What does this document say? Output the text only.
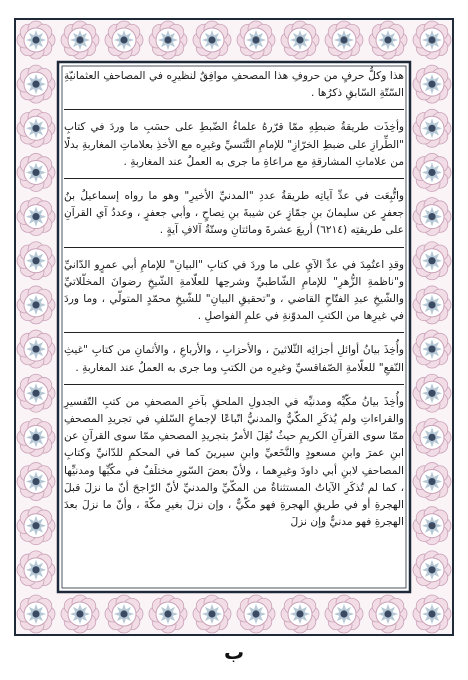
هذا وكلُّ حرفٍ من حروفِ هذا المصحفِ موافِقٌ لنظيرِه في المصاحفِ العثمانيّةِ السّتّةِ السّابقِ ذكرُها .

وأخِذَت طريقةُ ضبطِهِ ممّا قرّرهُ علماءُ الضّبطِ على حسَبِ ما وردَ في كتابِ "الطِّرازِ على ضبطِ الخرّازِ" للإمامِ التَّنَسيِّ وغيرِه مع الأخذِ بعلاماتِ المغاربةِ بدلًا من علاماتِ المشارقةِ مع مراعاةِ ما جرى به العملُ عند المغاربةِ .

واتُّبِعَت في عدِّ آياتِه طريقةُ عددِ "المدنيِّ الأخيرِ" وهو ما رواه إسماعيلُ بنُ جعفرٍ عن سليمانَ بنِ جمّازٍ عن شيبةَ بنِ نِصاحٍ ، وأبي جعفرٍ ، وعددُ آي القرآنِ على طريقتِه (٦٢١٤) أربعَ عشرةَ ومائتانِ وستّةُ آلافِ آيةٍ .

وقدِ اعتُمِدَ في عدِّ الآيِ على ما وردَ في كتابِ "البيانِ" للإمامِ أبي عمرٍو الدّانيِّ و"ناظمةِ الزُّهرِ" للإمامِ الشّاطبيِّ وشرحِها للعلّامةِ الشّيخِ رضوانَ المخلّلاتيِّ والشّيخِ عبدِ الفتّاحِ القاضي ، و"تحقيقِ البيانِ" للشّيخِ محمّدٍ المتولّي ، وما وردَ في غيرِها من الكتبِ المدوّنةِ في علمِ الفواصلِ .

وأُخِذَ بيانُ أوائلِ أجزائِه الثّلاثينَ ، والأحزابِ ، والأرباعِ ، والأثمانِ من كتابِ "غيثِ النّفعِ" للعلّامةِ الصّفاقسيِّ وغيرِه من الكتبِ وما جرى به العملُ عند المغاربةِ .

وأُخِذَ بيانُ مكّيِّه ومدنيِّه في الجدولِ الملحقِ بآخرِ المصحفِ من كتبِ التّفسيرِ والقراءاتِ ولم يُذكَرِ المكّيُّ والمدنيُّ اتّباعًا لإجماعِ السّلفِ في تجريدِ المصحفِ ممّا سوى القرآنِ الكريمِ حيثُ نُقِلَ الأمرُ بتجريدِ المصحفِ ممّا سوى القرآنِ عن ابنِ عمرَ وابنِ مسعودٍ والنَّخَعيِّ وابنِ سيرينَ كما في المحكمِ للدّانيِّ وكتابِ المصاحفِ لابنِ أبي داودَ وغيرِهما ، ولأنّ بعضَ السّورِ مختلَفٌ في مكّيِّها ومدنيِّها ، كما لم تُذكَرِ الآياتُ المستثناةُ من المكّيِّ والمدنيِّ لأنّ الرّاجحَ أنّ ما نزلَ قبلَ الهجرةِ أو في طريقِ الهجرةِ فهو مكّيٌّ ، وإن نزلَ بغيرِ مكّةَ ، وأنّ ما نزلَ بعدَ الهجرةِ فهو مدنيٌّ وإن نزلَ

ب
